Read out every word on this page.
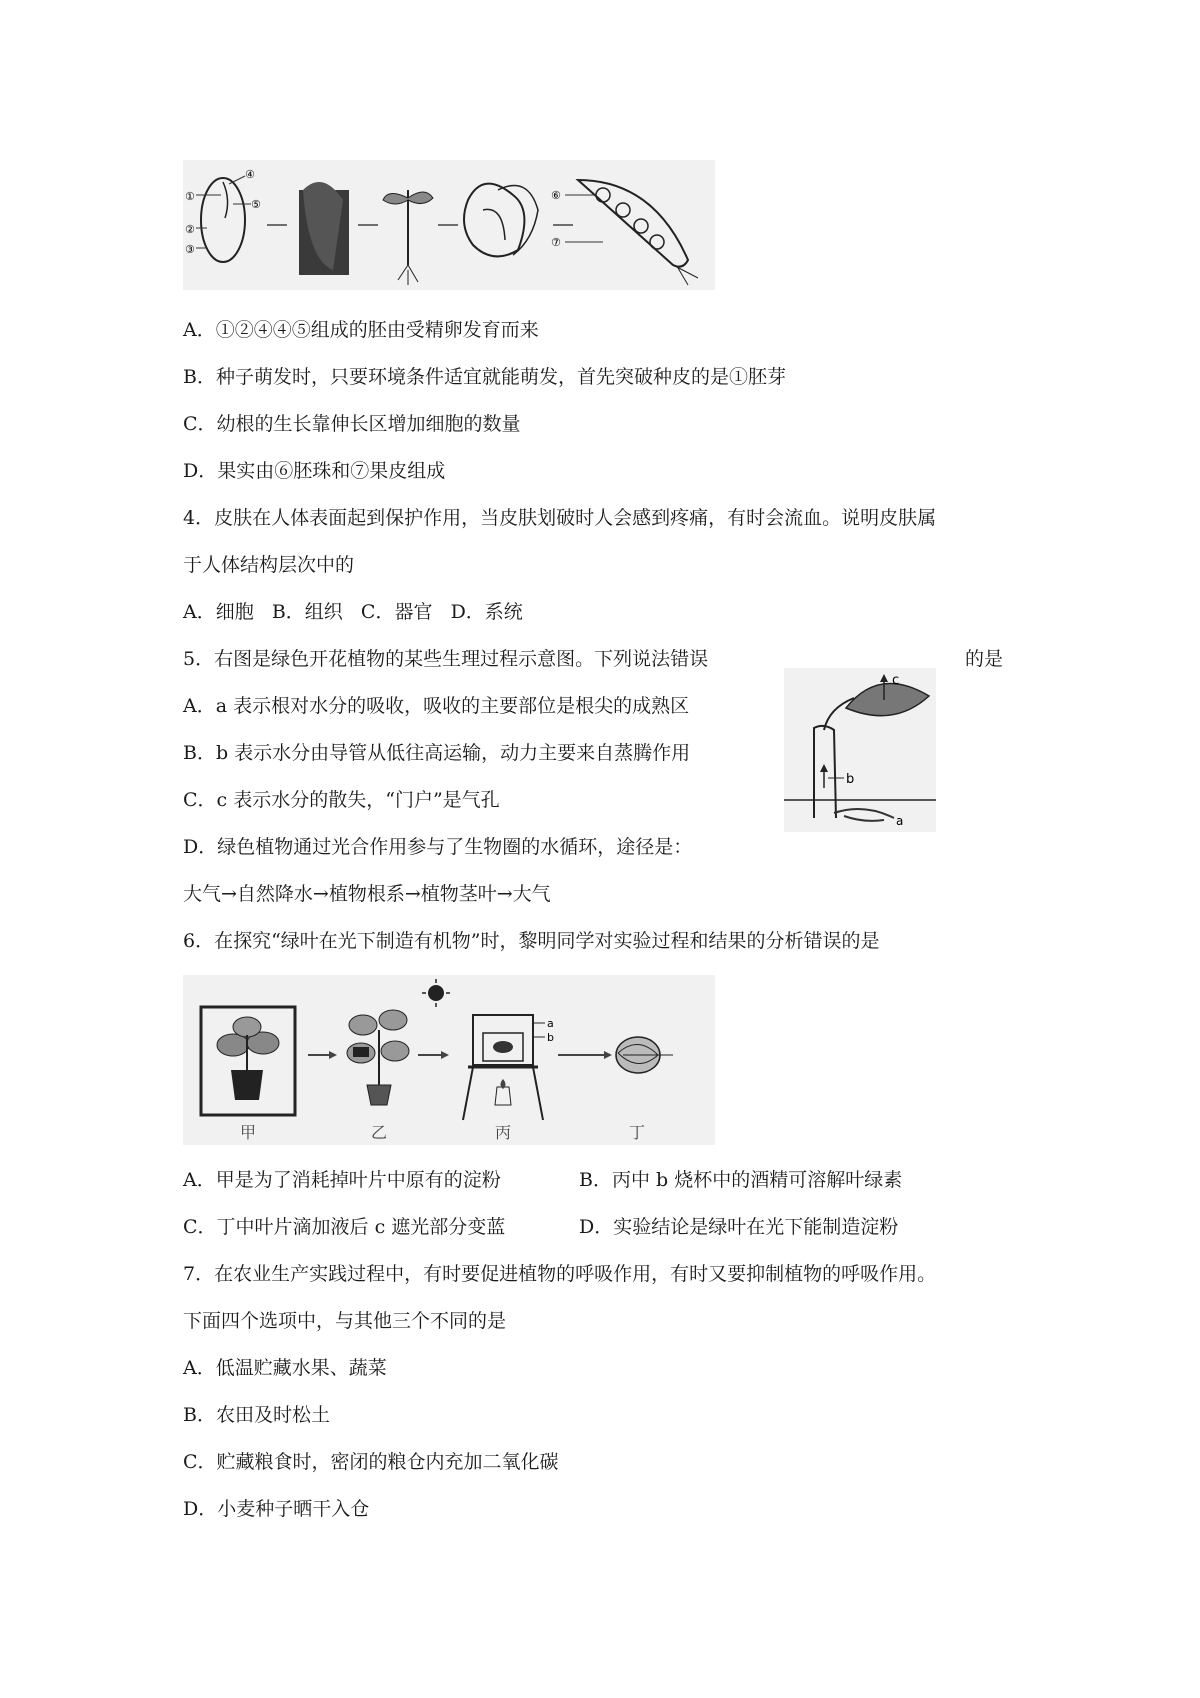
①
②
③
④
⑤
⑥
⑦
A．①②④④⑤组成的胚由受精卵发育而来
B．种子萌发时，只要环境条件适宜就能萌发，首先突破种皮的是①胚芽
C．幼根的生长靠伸长区增加细胞的数量
D．果实由⑥胚珠和⑦果皮组成
4．皮肤在人体表面起到保护作用，当皮肤划破时人会感到疼痛，有时会流血。说明皮肤属
于人体结构层次中的
A．细胞   B．组织   C．器官   D．系统
5．右图是绿色开花植物的某些生理过程示意图。下列说法错误	的是
c
b
a
A．a 表示根对水分的吸收，吸收的主要部位是根尖的成熟区
B．b 表示水分由导管从低往高运输，动力主要来自蒸腾作用
C．c 表示水分的散失，“门户”是气孔
D．绿色植物通过光合作用参与了生物圈的水循环，途径是：
大气→自然降水→植物根系→植物茎叶→大气
6．在探究“绿叶在光下制造有机物”时，黎明同学对实验过程和结果的分析错误的是
甲	乙
a
b
丙	丁
A．甲是为了消耗掉叶片中原有的淀粉	B．丙中 b 烧杯中的酒精可溶解叶绿素
C．丁中叶片滴加液后 c 遮光部分变蓝	D．实验结论是绿叶在光下能制造淀粉
7．在农业生产实践过程中，有时要促进植物的呼吸作用，有时又要抑制植物的呼吸作用。
下面四个选项中，与其他三个不同的是
A．低温贮藏水果、蔬菜
B．农田及时松土
C．贮藏粮食时，密闭的粮仓内充加二氧化碳
D．小麦种子晒干入仓
